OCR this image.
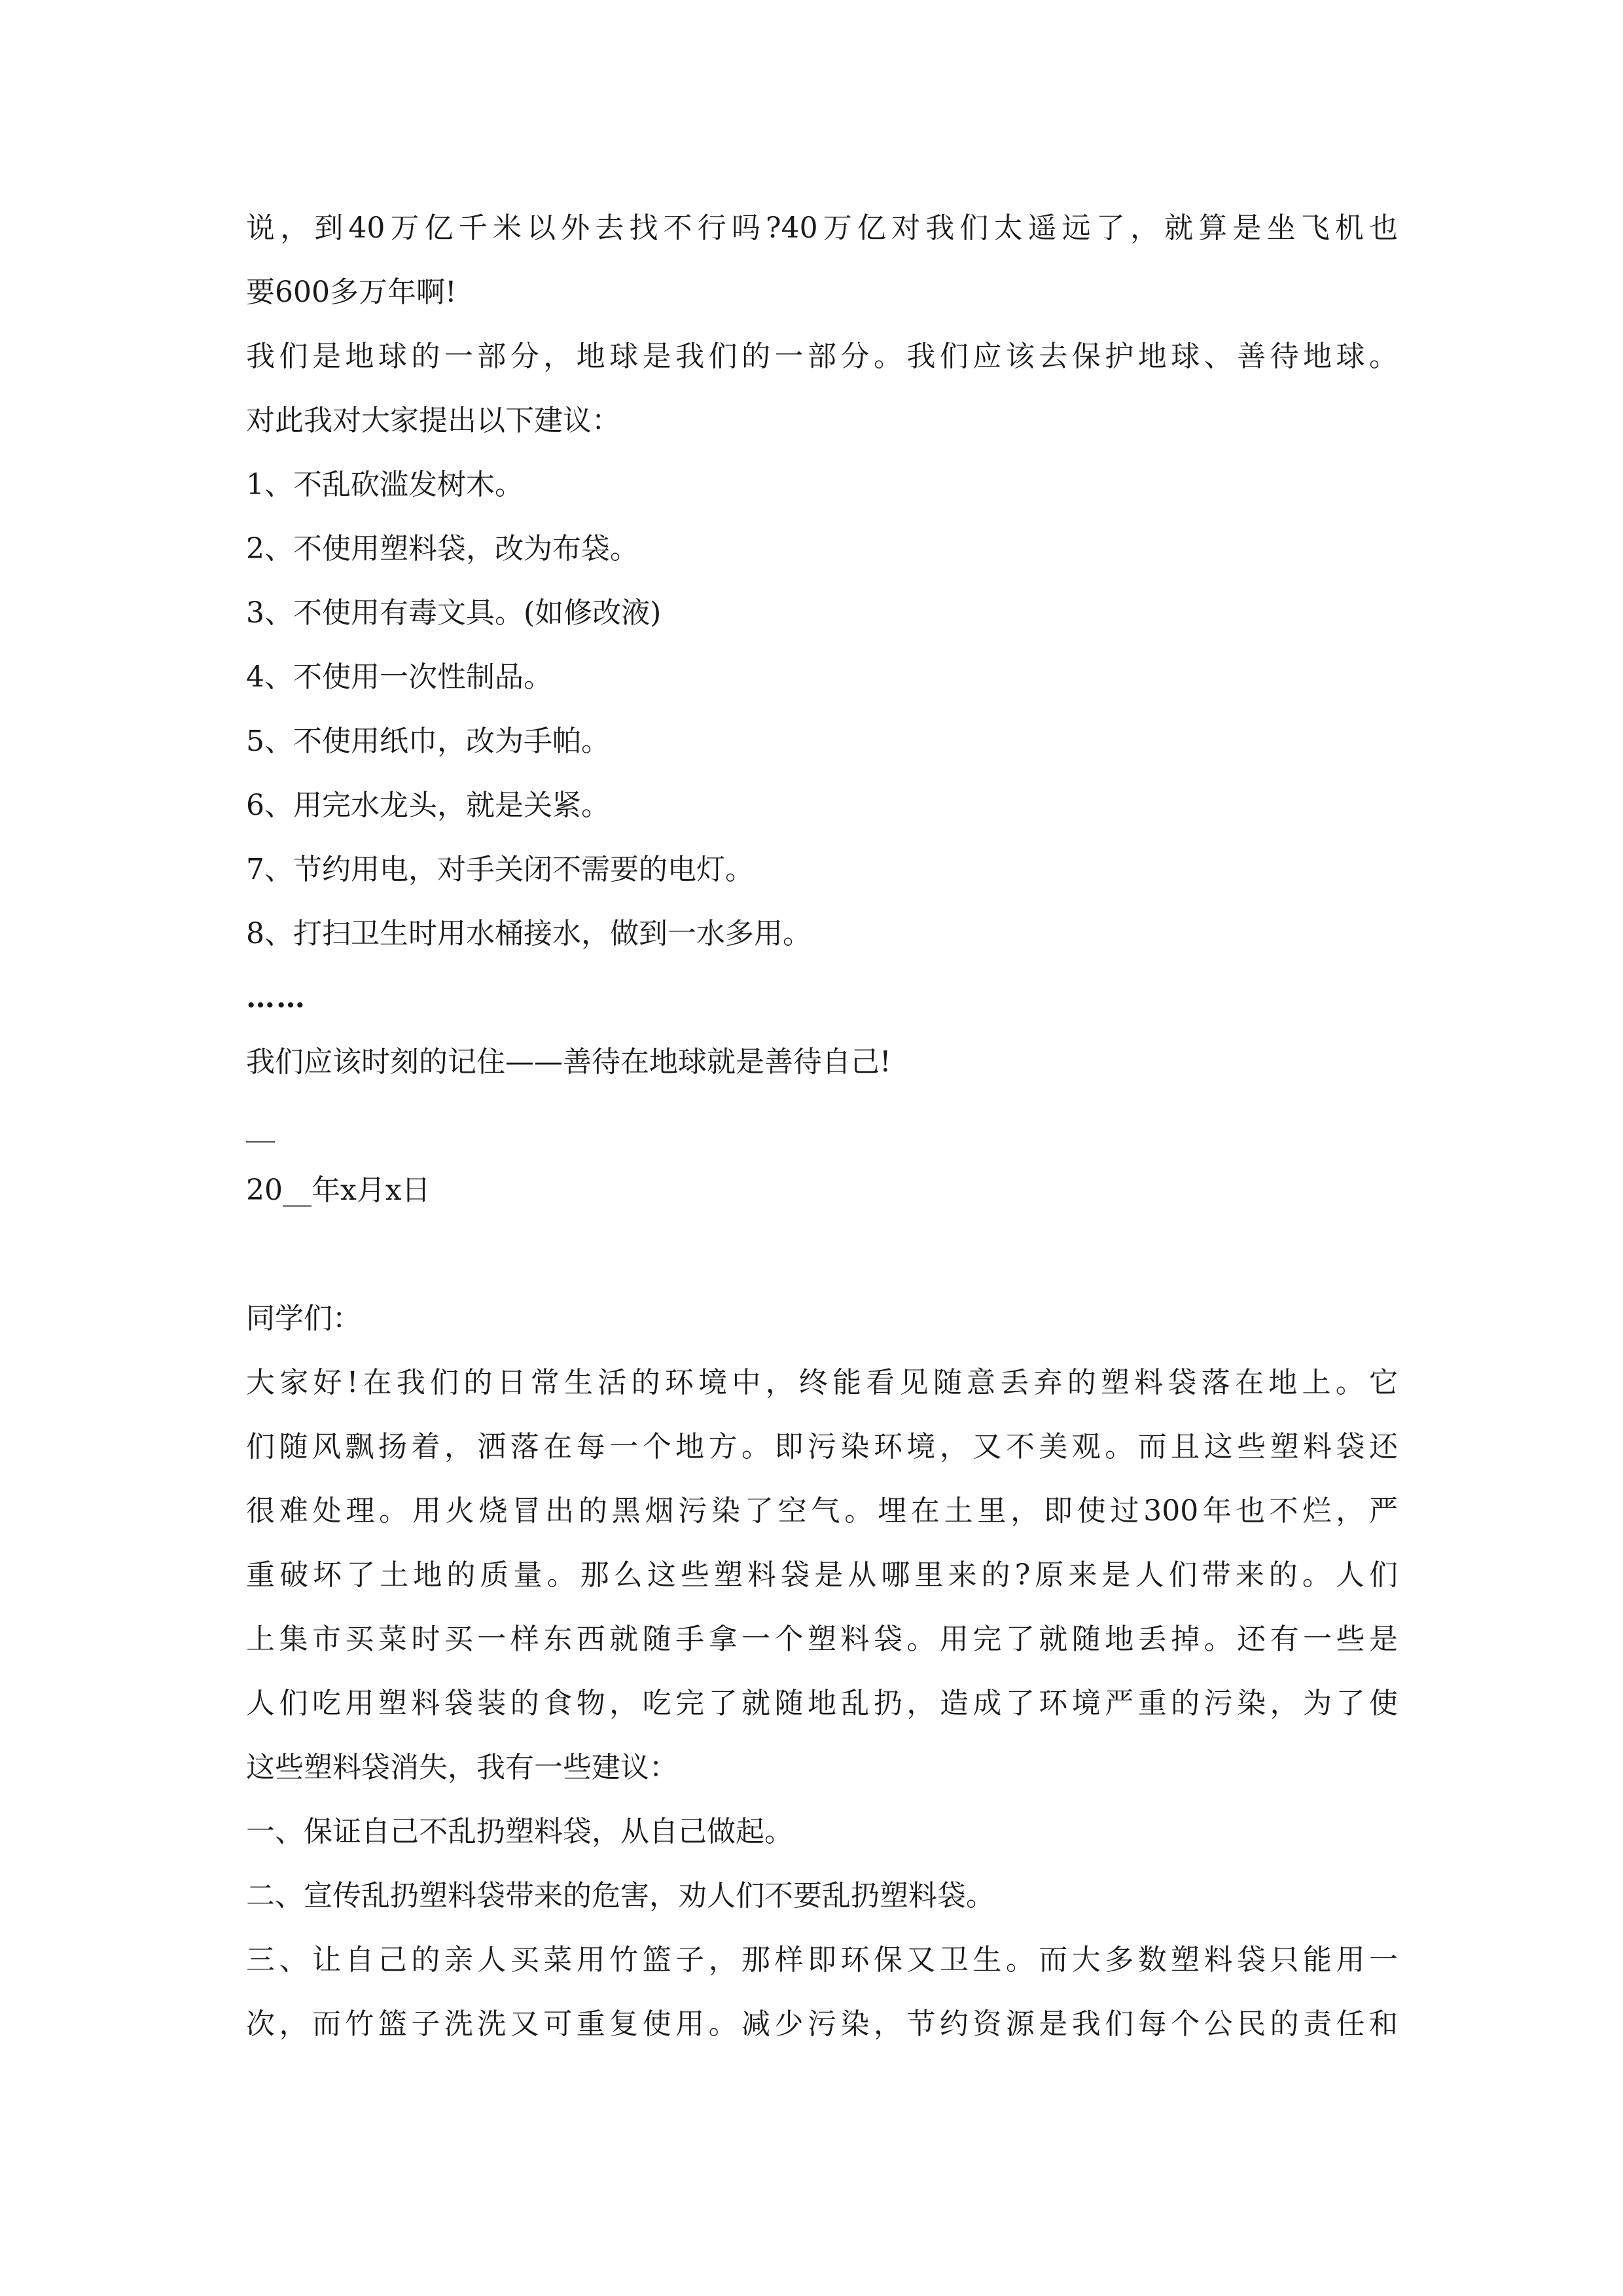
说，到40万亿千米以外去找不行吗?40万亿对我们太遥远了，就算是坐飞机也
要600多万年啊!
我们是地球的一部分，地球是我们的一部分。我们应该去保护地球、善待地球。
对此我对大家提出以下建议：
1、不乱砍滥发树木。
2、不使用塑料袋，改为布袋。
3、不使用有毒文具。(如修改液)
4、不使用一次性制品。
5、不使用纸巾，改为手帕。
6、用完水龙头，就是关紧。
7、节约用电，对手关闭不需要的电灯。
8、打扫卫生时用水桶接水，做到一水多用。
……
我们应该时刻的记住——善待在地球就是善待自己!
__
20__年x月x日
同学们：
大家好!在我们的日常生活的环境中，终能看见随意丢弃的塑料袋落在地上。它
们随风飘扬着，洒落在每一个地方。即污染环境，又不美观。而且这些塑料袋还
很难处理。用火烧冒出的黑烟污染了空气。埋在土里，即使过300年也不烂，严
重破坏了土地的质量。那么这些塑料袋是从哪里来的?原来是人们带来的。人们
上集市买菜时买一样东西就随手拿一个塑料袋。用完了就随地丢掉。还有一些是
人们吃用塑料袋装的食物，吃完了就随地乱扔，造成了环境严重的污染，为了使
这些塑料袋消失，我有一些建议：
一、保证自己不乱扔塑料袋，从自己做起。
二、宣传乱扔塑料袋带来的危害，劝人们不要乱扔塑料袋。
三、让自己的亲人买菜用竹篮子，那样即环保又卫生。而大多数塑料袋只能用一
次，而竹篮子洗洗又可重复使用。减少污染，节约资源是我们每个公民的责任和
